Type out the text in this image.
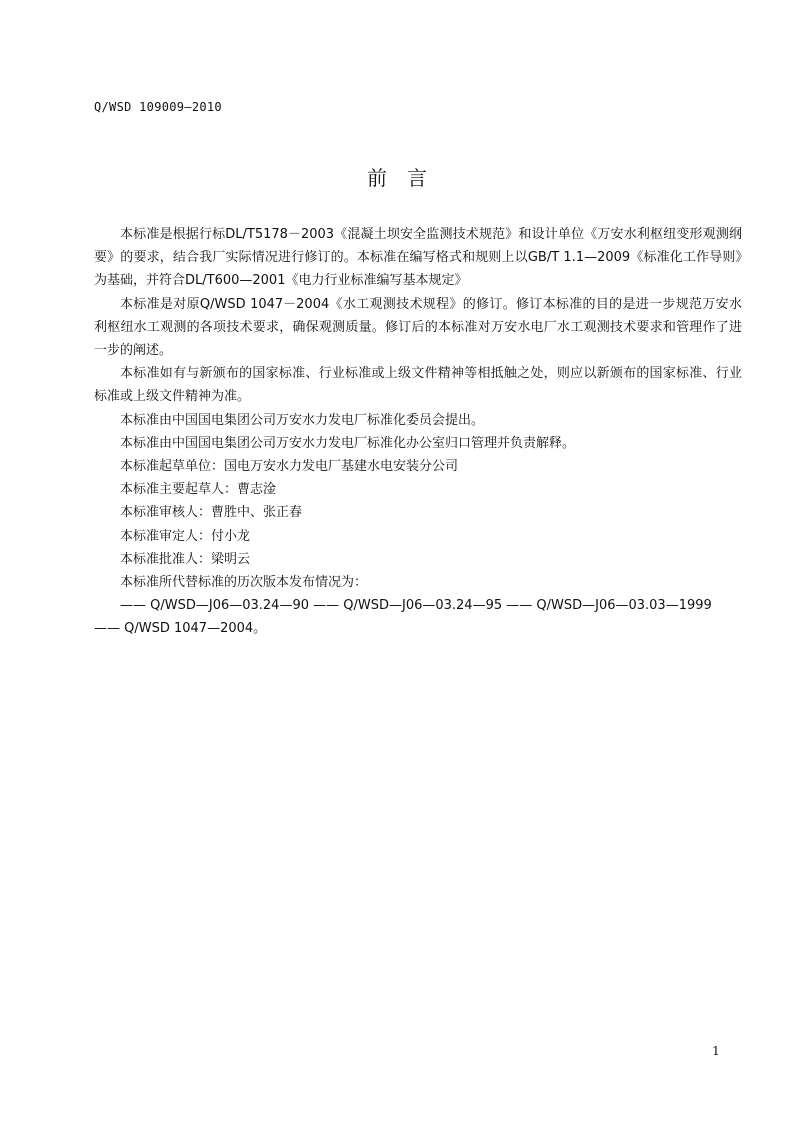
Q/WSD 109009—2010
前言

本标准是根据行标DL/T5178－2003《混凝土坝安全监测技术规范》和设计单位《万安水利枢纽变形观测纲要》的要求，结合我厂实际情况进行修订的。本标准在编写格式和规则上以GB/T 1.1—2009《标准化工作导则》为基础，并符合DL/T600—2001《电力行业标准编写基本规定》

本标准是对原Q/WSD 1047－2004《水工观测技术规程》的修订。修订本标准的目的是进一步规范万安水利枢纽水工观测的各项技术要求，确保观测质量。修订后的本标准对万安水电厂水工观测技术要求和管理作了进一步的阐述。

本标准如有与新颁布的国家标准、行业标准或上级文件精神等相抵触之处，则应以新颁布的国家标准、行业标准或上级文件精神为准。

本标准由中国国电集团公司万安水力发电厂标准化委员会提出。

本标准由中国国电集团公司万安水力发电厂标准化办公室归口管理并负责解释。

本标准起草单位：国电万安水力发电厂基建水电安装分公司

本标准主要起草人：曹志淦

本标准审核人：曹胜中、张正春

本标准审定人：付小龙

本标准批准人：梁明云

本标准所代替标准的历次版本发布情况为：

—— Q/WSD—J06—03.24—90 —— Q/WSD—J06—03.24—95 —— Q/WSD—J06—03.03—1999

—— Q/WSD 1047—2004。

1
